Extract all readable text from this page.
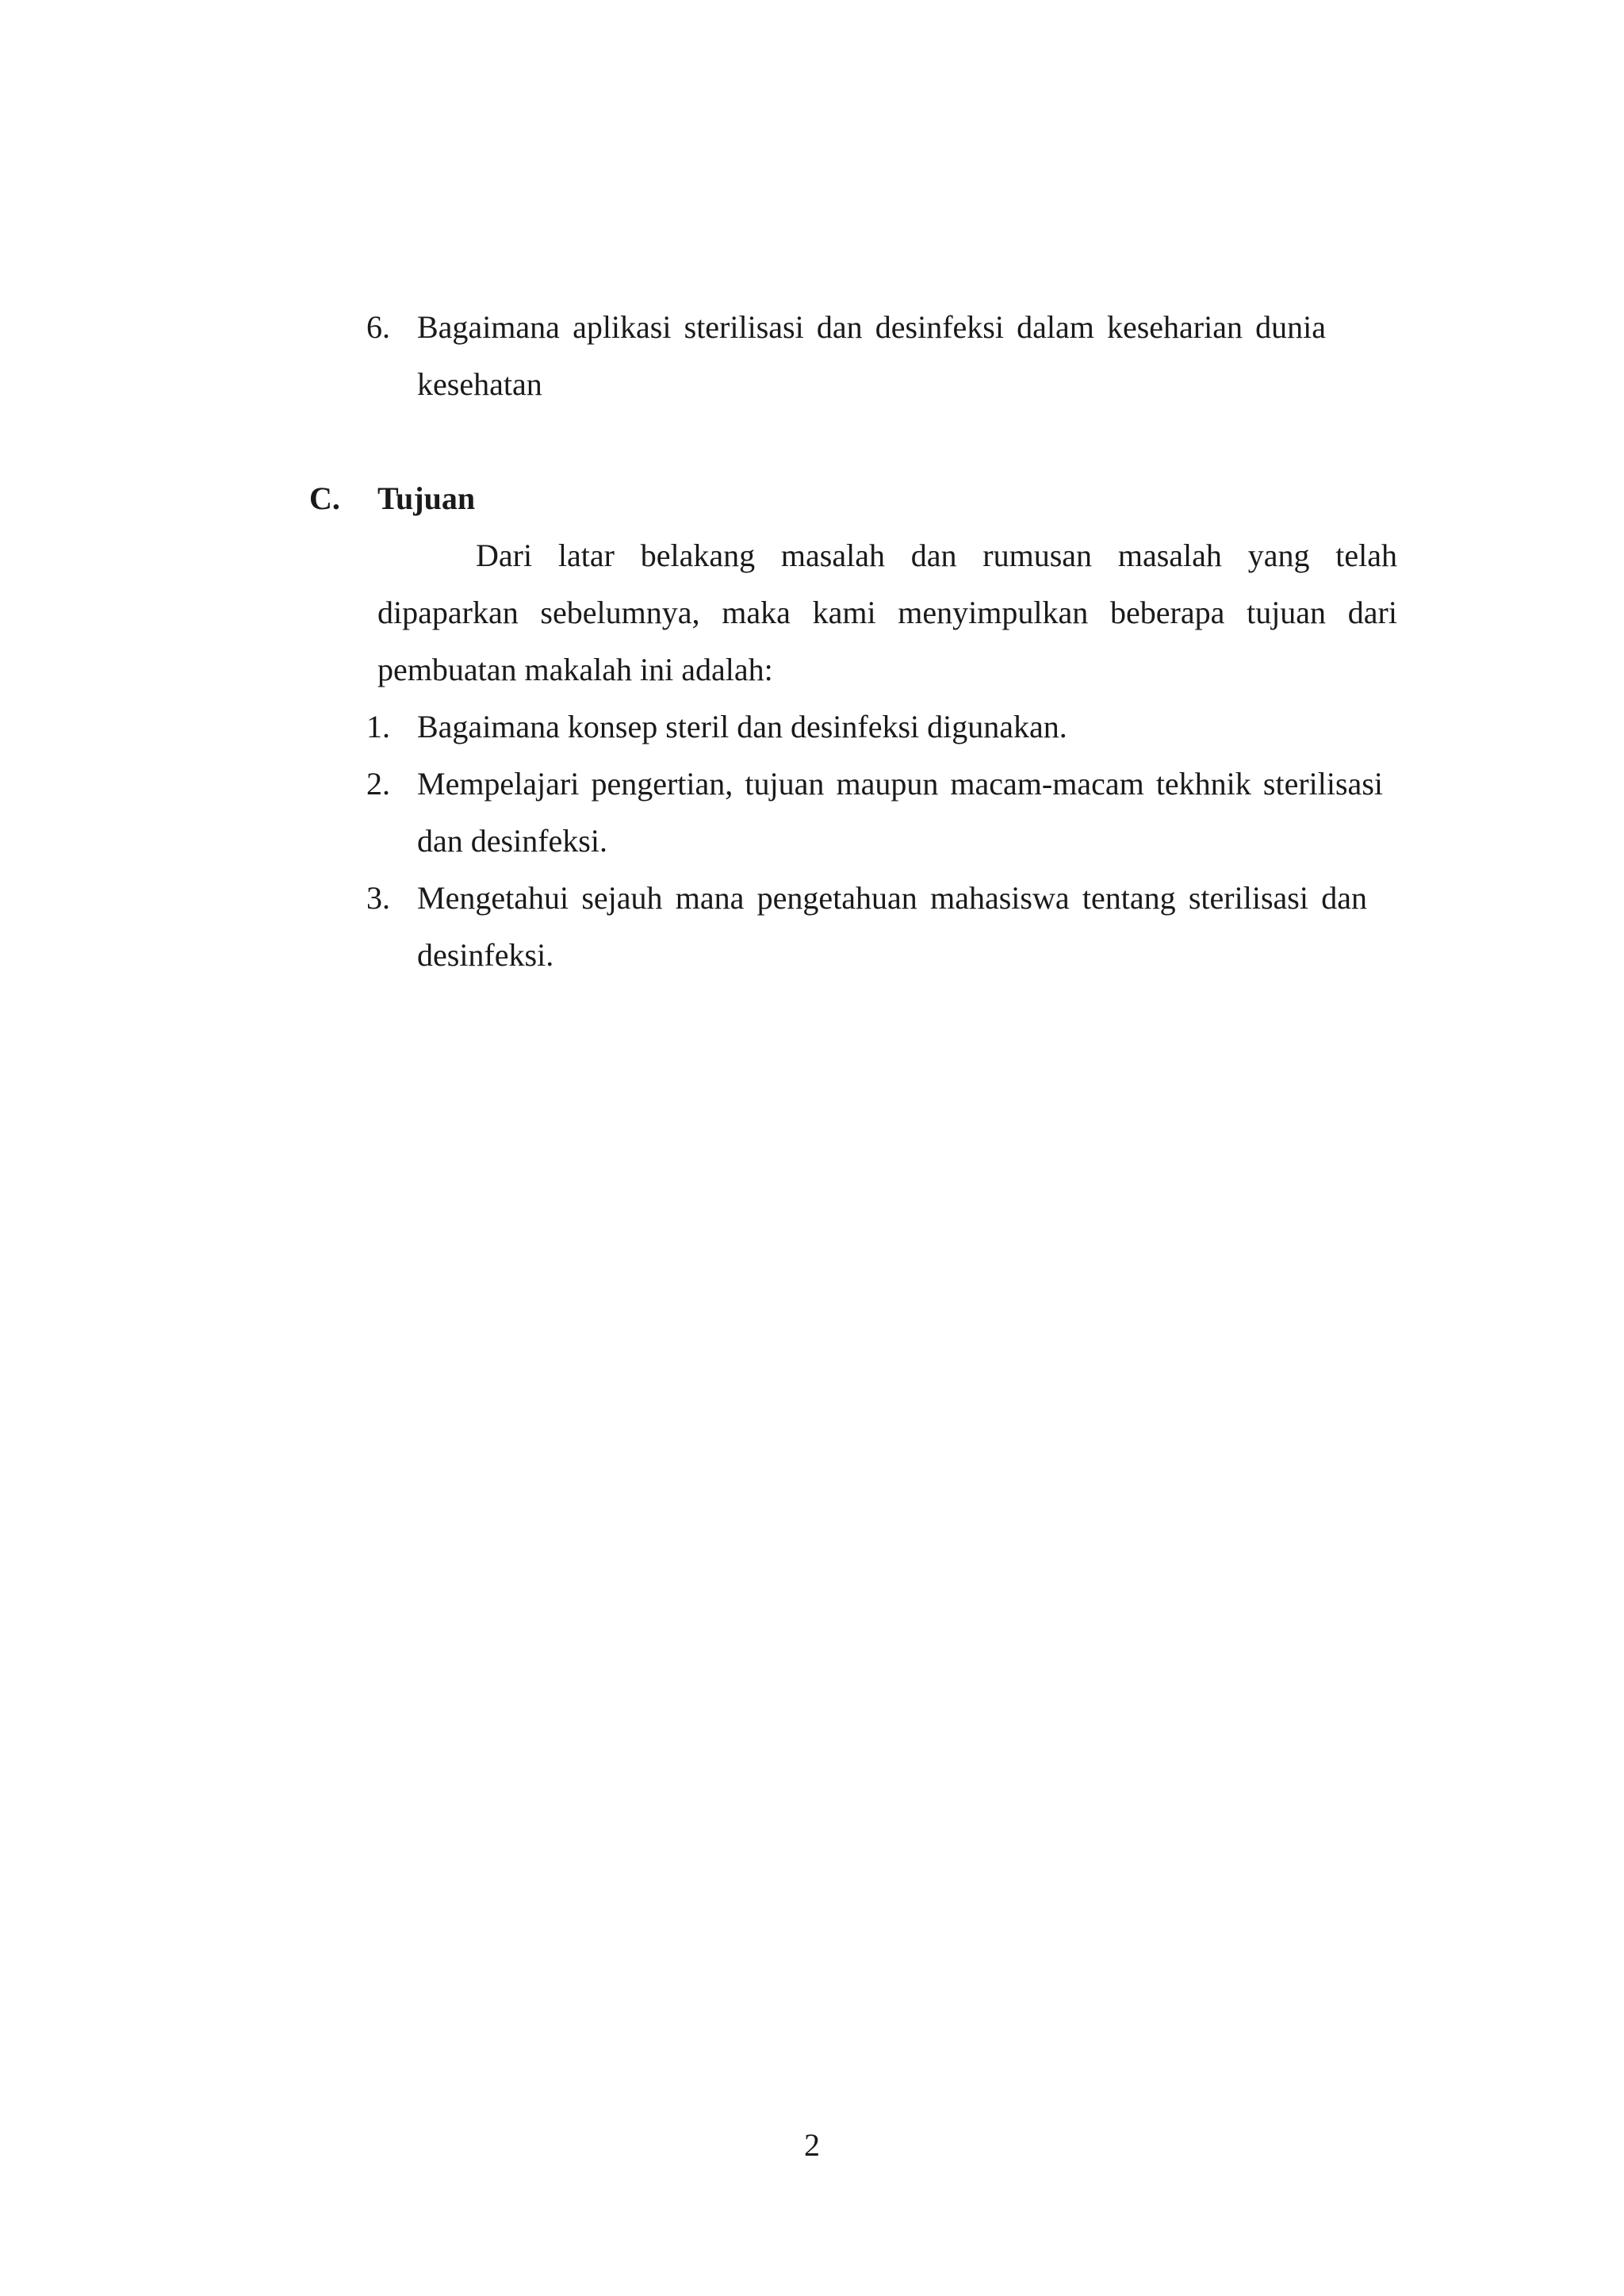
6. Bagaimana aplikasi sterilisasi dan desinfeksi dalam keseharian dunia kesehatan
C. Tujuan
Dari latar belakang masalah dan rumusan masalah yang telah dipaparkan sebelumnya, maka kami menyimpulkan beberapa tujuan dari pembuatan makalah ini adalah:
1. Bagaimana konsep steril dan desinfeksi digunakan.
2. Mempelajari pengertian, tujuan maupun macam-macam tekhnik sterilisasi dan desinfeksi.
3. Mengetahui sejauh mana pengetahuan mahasiswa tentang sterilisasi dan desinfeksi.
2
